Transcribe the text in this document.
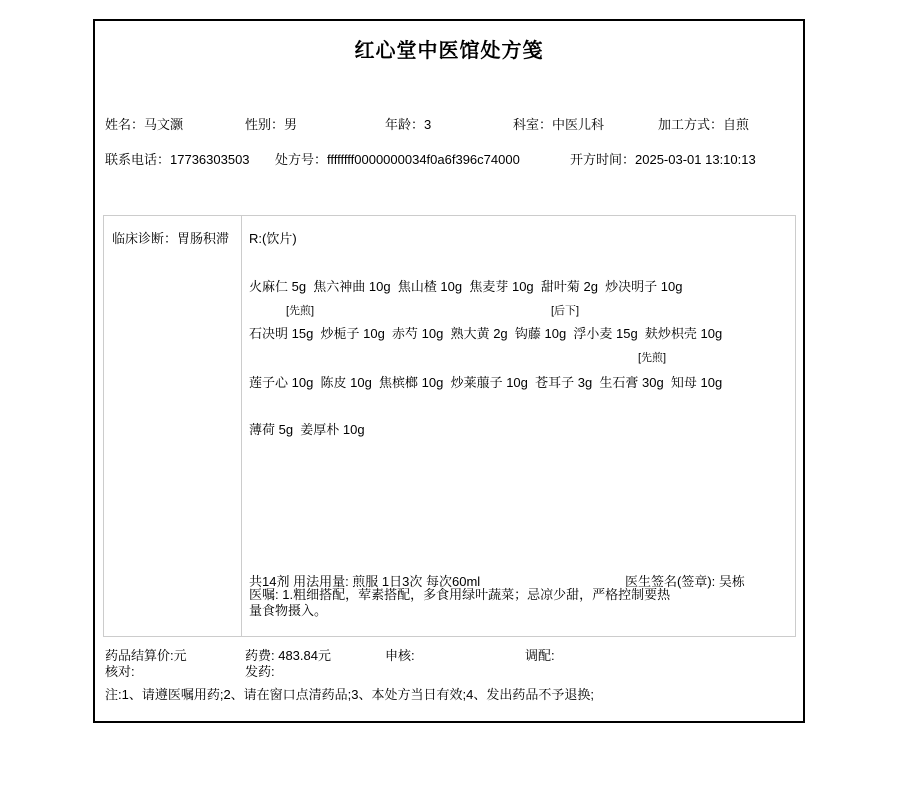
红心堂中医馆处方笺
姓名：马文灏	性别：男	年龄：3	科室：中医儿科	加工方式：自煎
联系电话：17736303503 处方号：ffffffff0000000034f0a6f396c74000	开方时间：2025-03-01 13:10:13
临床诊断：胃肠积滞	R:(饮片)
火麻仁 5g  焦六神曲 10g  焦山楂 10g  焦麦芽 10g  甜叶菊 2g  炒决明子 10g
[先煎]	[后下]
石决明 15g  炒栀子 10g  赤芍 10g  熟大黄 2g  钩藤 10g  浮小麦 15g  麸炒枳壳 10g
[先煎]
莲子心 10g  陈皮 10g  焦槟榔 10g  炒莱菔子 10g  苍耳子 3g  生石膏 30g  知母 10g
薄荷 5g  姜厚朴 10g
共14剂 用法用量: 煎服 1日3次 每次60ml	医生签名(签章): 吴栋
医嘱: 1.粗细搭配，荤素搭配，多食用绿叶蔬菜；忌凉少甜，严格控制要热量食物摄入。
药品结算价:元	药费: 483.84元	申核:	调配:
核对:	发药:
注:1、请遵医嘱用药;2、请在窗口点清药品;3、本处方当日有效;4、发出药品不予退换;
